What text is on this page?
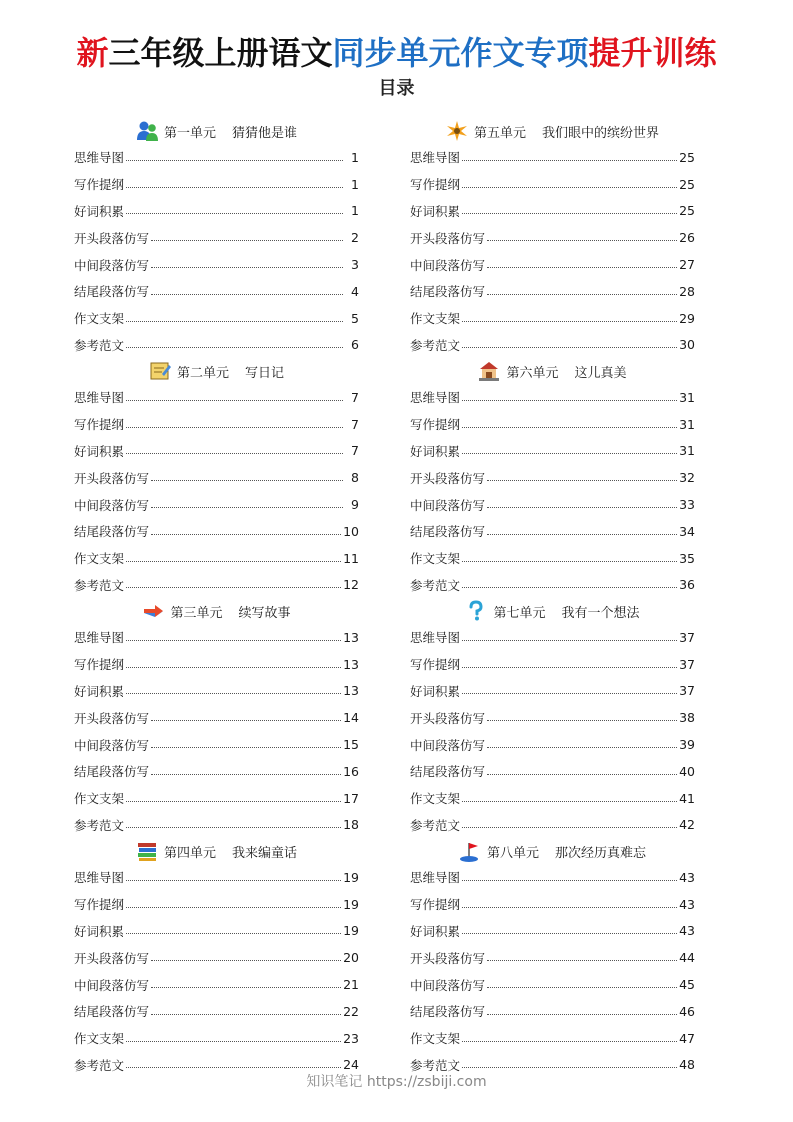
新三年级上册语文同步单元作文专项提升训练
目录
第一单元 猜猜他是谁
思维导图	1
写作提纲	1
好词积累	1
开头段落仿写	2
中间段落仿写	3
结尾段落仿写	4
作文支架	5
参考范文	6
第二单元 写日记
思维导图	7
写作提纲	7
好词积累	7
开头段落仿写	8
中间段落仿写	9
结尾段落仿写	10
作文支架	11
参考范文	12
第三单元 续写故事
思维导图	13
写作提纲	13
好词积累	13
开头段落仿写	14
中间段落仿写	15
结尾段落仿写	16
作文支架	17
参考范文	18
第四单元 我来编童话
思维导图	19
写作提纲	19
好词积累	19
开头段落仿写	20
中间段落仿写	21
结尾段落仿写	22
作文支架	23
参考范文	24
第五单元 我们眼中的缤纷世界
思维导图	25
写作提纲	25
好词积累	25
开头段落仿写	26
中间段落仿写	27
结尾段落仿写	28
作文支架	29
参考范文	30
第六单元 这儿真美
思维导图	31
写作提纲	31
好词积累	31
开头段落仿写	32
中间段落仿写	33
结尾段落仿写	34
作文支架	35
参考范文	36
第七单元 我有一个想法
思维导图	37
写作提纲	37
好词积累	37
开头段落仿写	38
中间段落仿写	39
结尾段落仿写	40
作文支架	41
参考范文	42
第八单元 那次经历真难忘
思维导图	43
写作提纲	43
好词积累	43
开头段落仿写	44
中间段落仿写	45
结尾段落仿写	46
作文支架	47
参考范文	48
知识笔记 https://zsbiji.com
